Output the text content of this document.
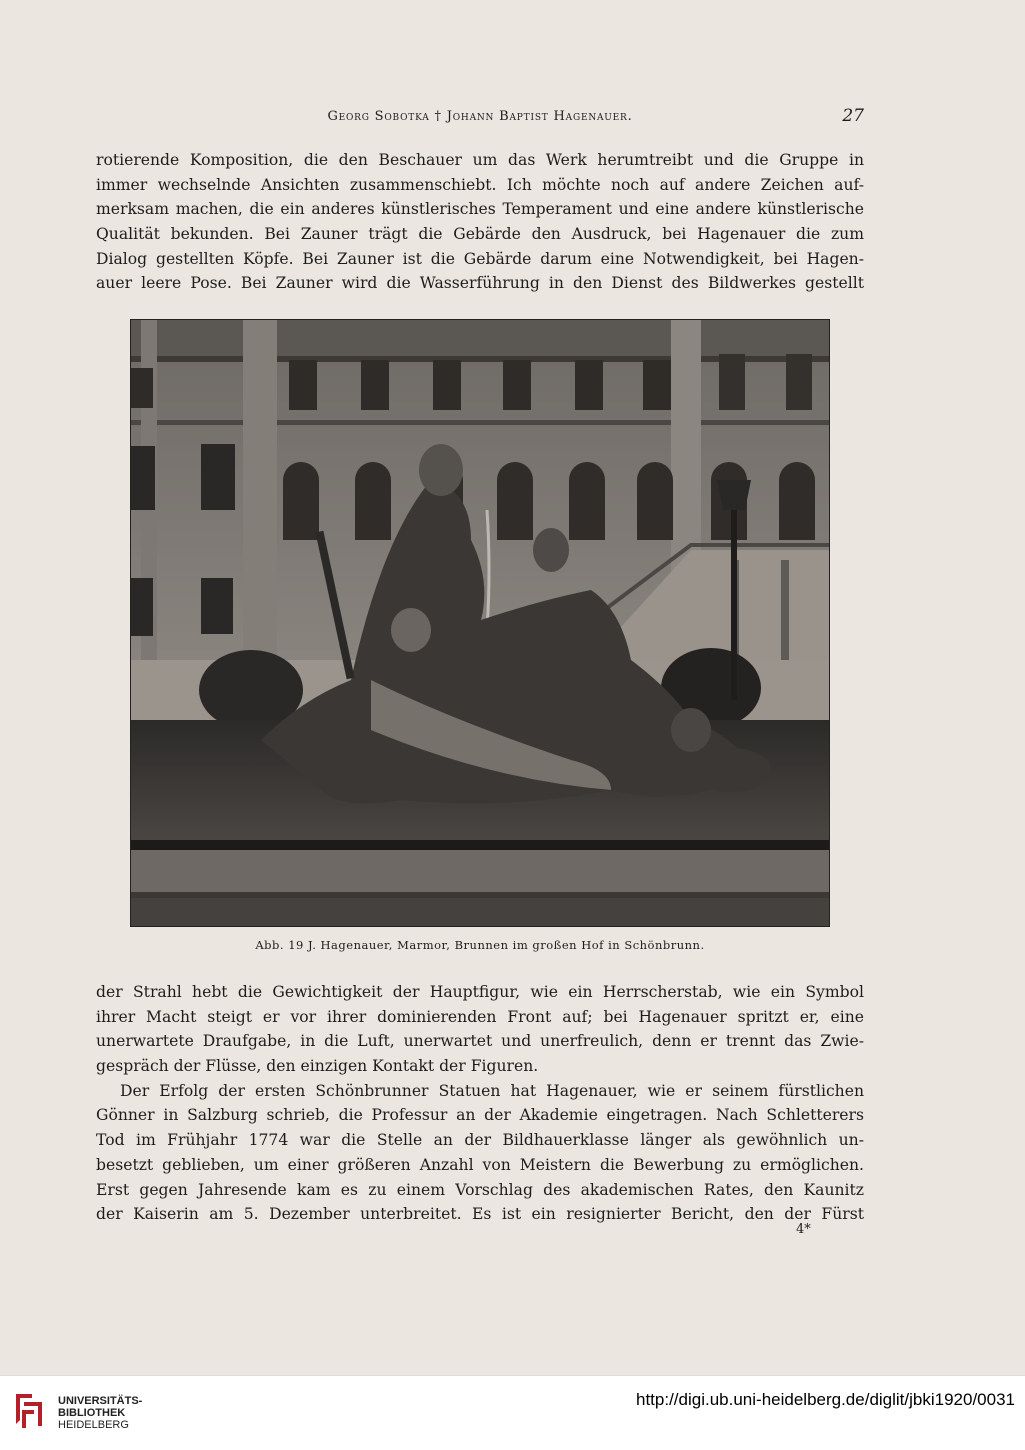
Georg Sobotka † Johann Baptist Hagenauer.	27
rotierende Komposition, die den Beschauer um das Werk herumtreibt und die Gruppe in
immer wechselnde Ansichten zusammenschiebt. Ich möchte noch auf andere Zeichen auf-
merksam machen, die ein anderes künstlerisches Temperament und eine andere künstlerische
Qualität bekunden. Bei Zauner trägt die Gebärde den Ausdruck, bei Hagenauer die zum
Dialog gestellten Köpfe. Bei Zauner ist die Gebärde darum eine Notwendigkeit, bei Hagen-
auer leere Pose. Bei Zauner wird die Wasserführung in den Dienst des Bildwerkes gestellt
Abb. 19 J. Hagenauer, Marmor, Brunnen im großen Hof in Schönbrunn.
der Strahl hebt die Gewichtigkeit der Hauptfigur, wie ein Herrscherstab, wie ein Symbol
ihrer Macht steigt er vor ihrer dominierenden Front auf; bei Hagenauer spritzt er, eine
unerwartete Draufgabe, in die Luft, unerwartet und unerfreulich, denn er trennt das Zwie-
gespräch der Flüsse, den einzigen Kontakt der Figuren.
Der Erfolg der ersten Schönbrunner Statuen hat Hagenauer, wie er seinem fürstlichen
Gönner in Salzburg schrieb, die Professur an der Akademie eingetragen. Nach Schletterers
Tod im Frühjahr 1774 war die Stelle an der Bildhauerklasse länger als gewöhnlich un-
besetzt geblieben, um einer größeren Anzahl von Meistern die Bewerbung zu ermöglichen.
Erst gegen Jahresende kam es zu einem Vorschlag des akademischen Rates, den Kaunitz
der Kaiserin am 5. Dezember unterbreitet. Es ist ein resignierter Bericht, den der Fürst
4*
UNIVERSITÄTS-
BIBLIOTHEK
HEIDELBERG
http://digi.ub.uni-heidelberg.de/diglit/jbki1920/0031
